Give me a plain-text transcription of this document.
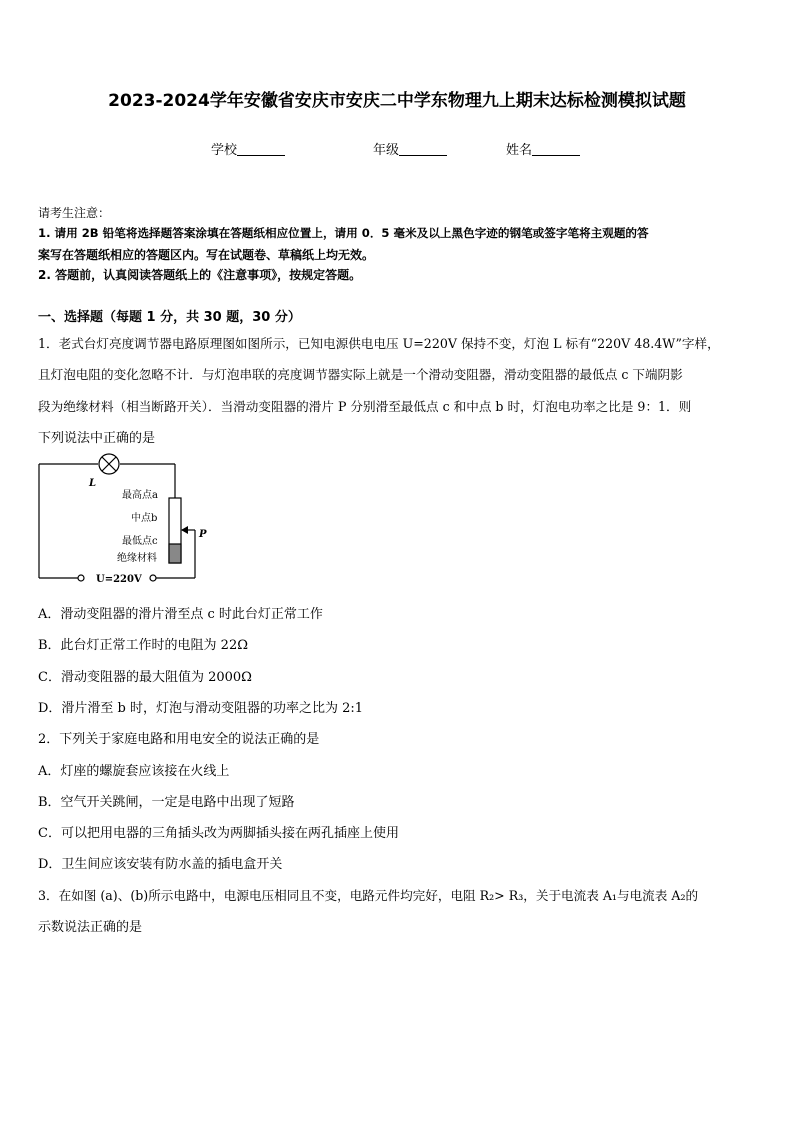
2023-2024学年安徽省安庆市安庆二中学东物理九上期末达标检测模拟试题
学校	年级	姓名
请考生注意：
1. 请用 2B 铅笔将选择题答案涂填在答题纸相应位置上，请用 0．5 毫米及以上黑色字迹的钢笔或签字笔将主观题的答
案写在答题纸相应的答题区内。写在试题卷、草稿纸上均无效。
2. 答题前，认真阅读答题纸上的《注意事项》，按规定答题。
一、选择题（每题 1 分，共 30 题，30 分）
1．老式台灯亮度调节器电路原理图如图所示，已知电源供电电压 U=220V 保持不变，灯泡 L 标有“220V 48.4W”字样，
且灯泡电阻的变化忽略不计．与灯泡串联的亮度调节器实际上就是一个滑动变阻器，滑动变阻器的最低点 c 下端阴影
段为绝缘材料（相当断路开关）．当滑动变阻器的滑片 P 分别滑至最低点 c 和中点 b 时，灯泡电功率之比是 9：1．则
下列说法中正确的是
L
最高点a
中点b
最低点c
绝缘材料
P
U=220V
A．滑动变阻器的滑片滑至点 c 时此台灯正常工作
B．此台灯正常工作时的电阻为 22Ω
C．滑动变阻器的最大阻值为 2000Ω
D．滑片滑至 b 时，灯泡与滑动变阻器的功率之比为 2:1
2．下列关于家庭电路和用电安全的说法正确的是
A．灯座的螺旋套应该接在火线上
B．空气开关跳闸，一定是电路中出现了短路
C．可以把用电器的三角插头改为两脚插头接在两孔插座上使用
D．卫生间应该安装有防水盖的插电盒开关
3．在如图 (a)、(b)所示电路中，电源电压相同且不变，电路元件均完好，电阻 R₂> R₃，关于电流表 A₁与电流表 A₂的
示数说法正确的是
